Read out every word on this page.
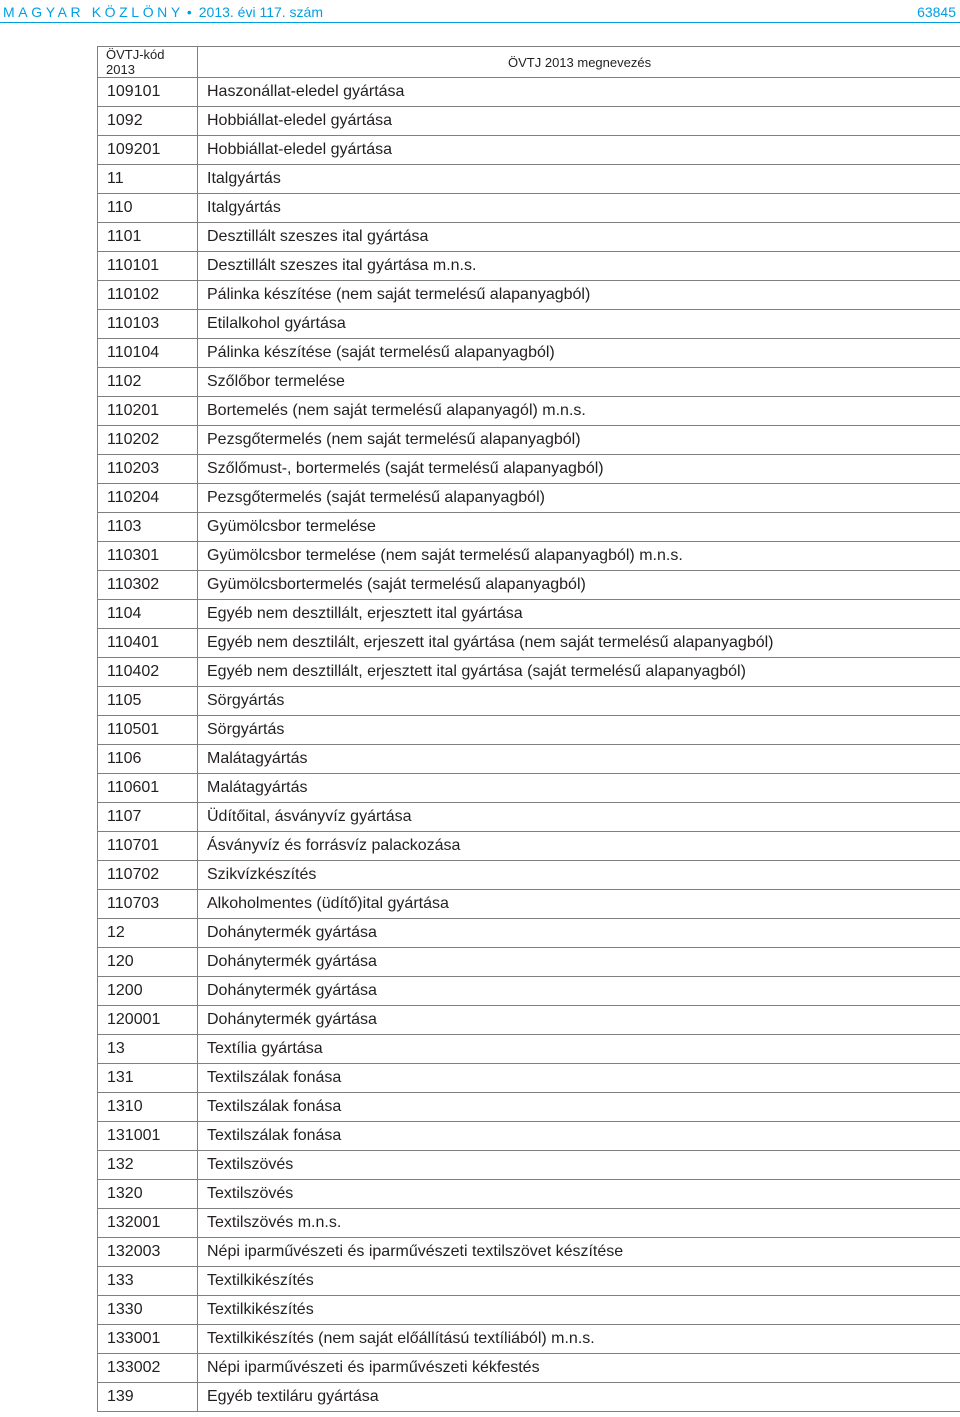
MAGYAR KÖZLÖNY • 2013. évi 117. szám	63845
ÖVTJ-kód 2013	ÖVTJ 2013 megnevezés
109101	Haszonállat-eledel gyártása
1092	Hobbiállat-eledel gyártása
109201	Hobbiállat-eledel gyártása
11	Italgyártás
110	Italgyártás
1101	Desztillált szeszes ital gyártása
110101	Desztillált szeszes ital gyártása m.n.s.
110102	Pálinka készítése (nem saját termelésű alapanyagból)
110103	Etilalkohol gyártása
110104	Pálinka készítése (saját termelésű alapanyagból)
1102	Szőlőbor termelése
110201	Bortemelés (nem saját termelésű alapanyagól) m.n.s.
110202	Pezsgőtermelés (nem saját termelésű alapanyagból)
110203	Szőlőmust-, bortermelés (saját termelésű alapanyagból)
110204	Pezsgőtermelés (saját termelésű alapanyagból)
1103	Gyümölcsbor termelése
110301	Gyümölcsbor termelése (nem saját termelésű alapanyagból) m.n.s.
110302	Gyümölcsbortermelés (saját termelésű alapanyagból)
1104	Egyéb nem desztillált, erjesztett ital gyártása
110401	Egyéb nem desztilált, erjeszett ital gyártása (nem saját termelésű alapanyagból)
110402	Egyéb nem desztillált, erjesztett ital gyártása (saját termelésű alapanyagból)
1105	Sörgyártás
110501	Sörgyártás
1106	Malátagyártás
110601	Malátagyártás
1107	Üdítőital, ásványvíz gyártása
110701	Ásványvíz és forrásvíz palackozása
110702	Szikvízkészítés
110703	Alkoholmentes (üdítő)ital gyártása
12	Dohánytermék gyártása
120	Dohánytermék gyártása
1200	Dohánytermék gyártása
120001	Dohánytermék gyártása
13	Textília gyártása
131	Textilszálak fonása
1310	Textilszálak fonása
131001	Textilszálak fonása
132	Textilszövés
1320	Textilszövés
132001	Textilszövés m.n.s.
132003	Népi iparművészeti és iparművészeti textilszövet készítése
133	Textilkikészítés
1330	Textilkikészítés
133001	Textilkikészítés (nem saját előállítású textíliából) m.n.s.
133002	Népi iparművészeti és iparművészeti kékfestés
139	Egyéb textiláru gyártása
